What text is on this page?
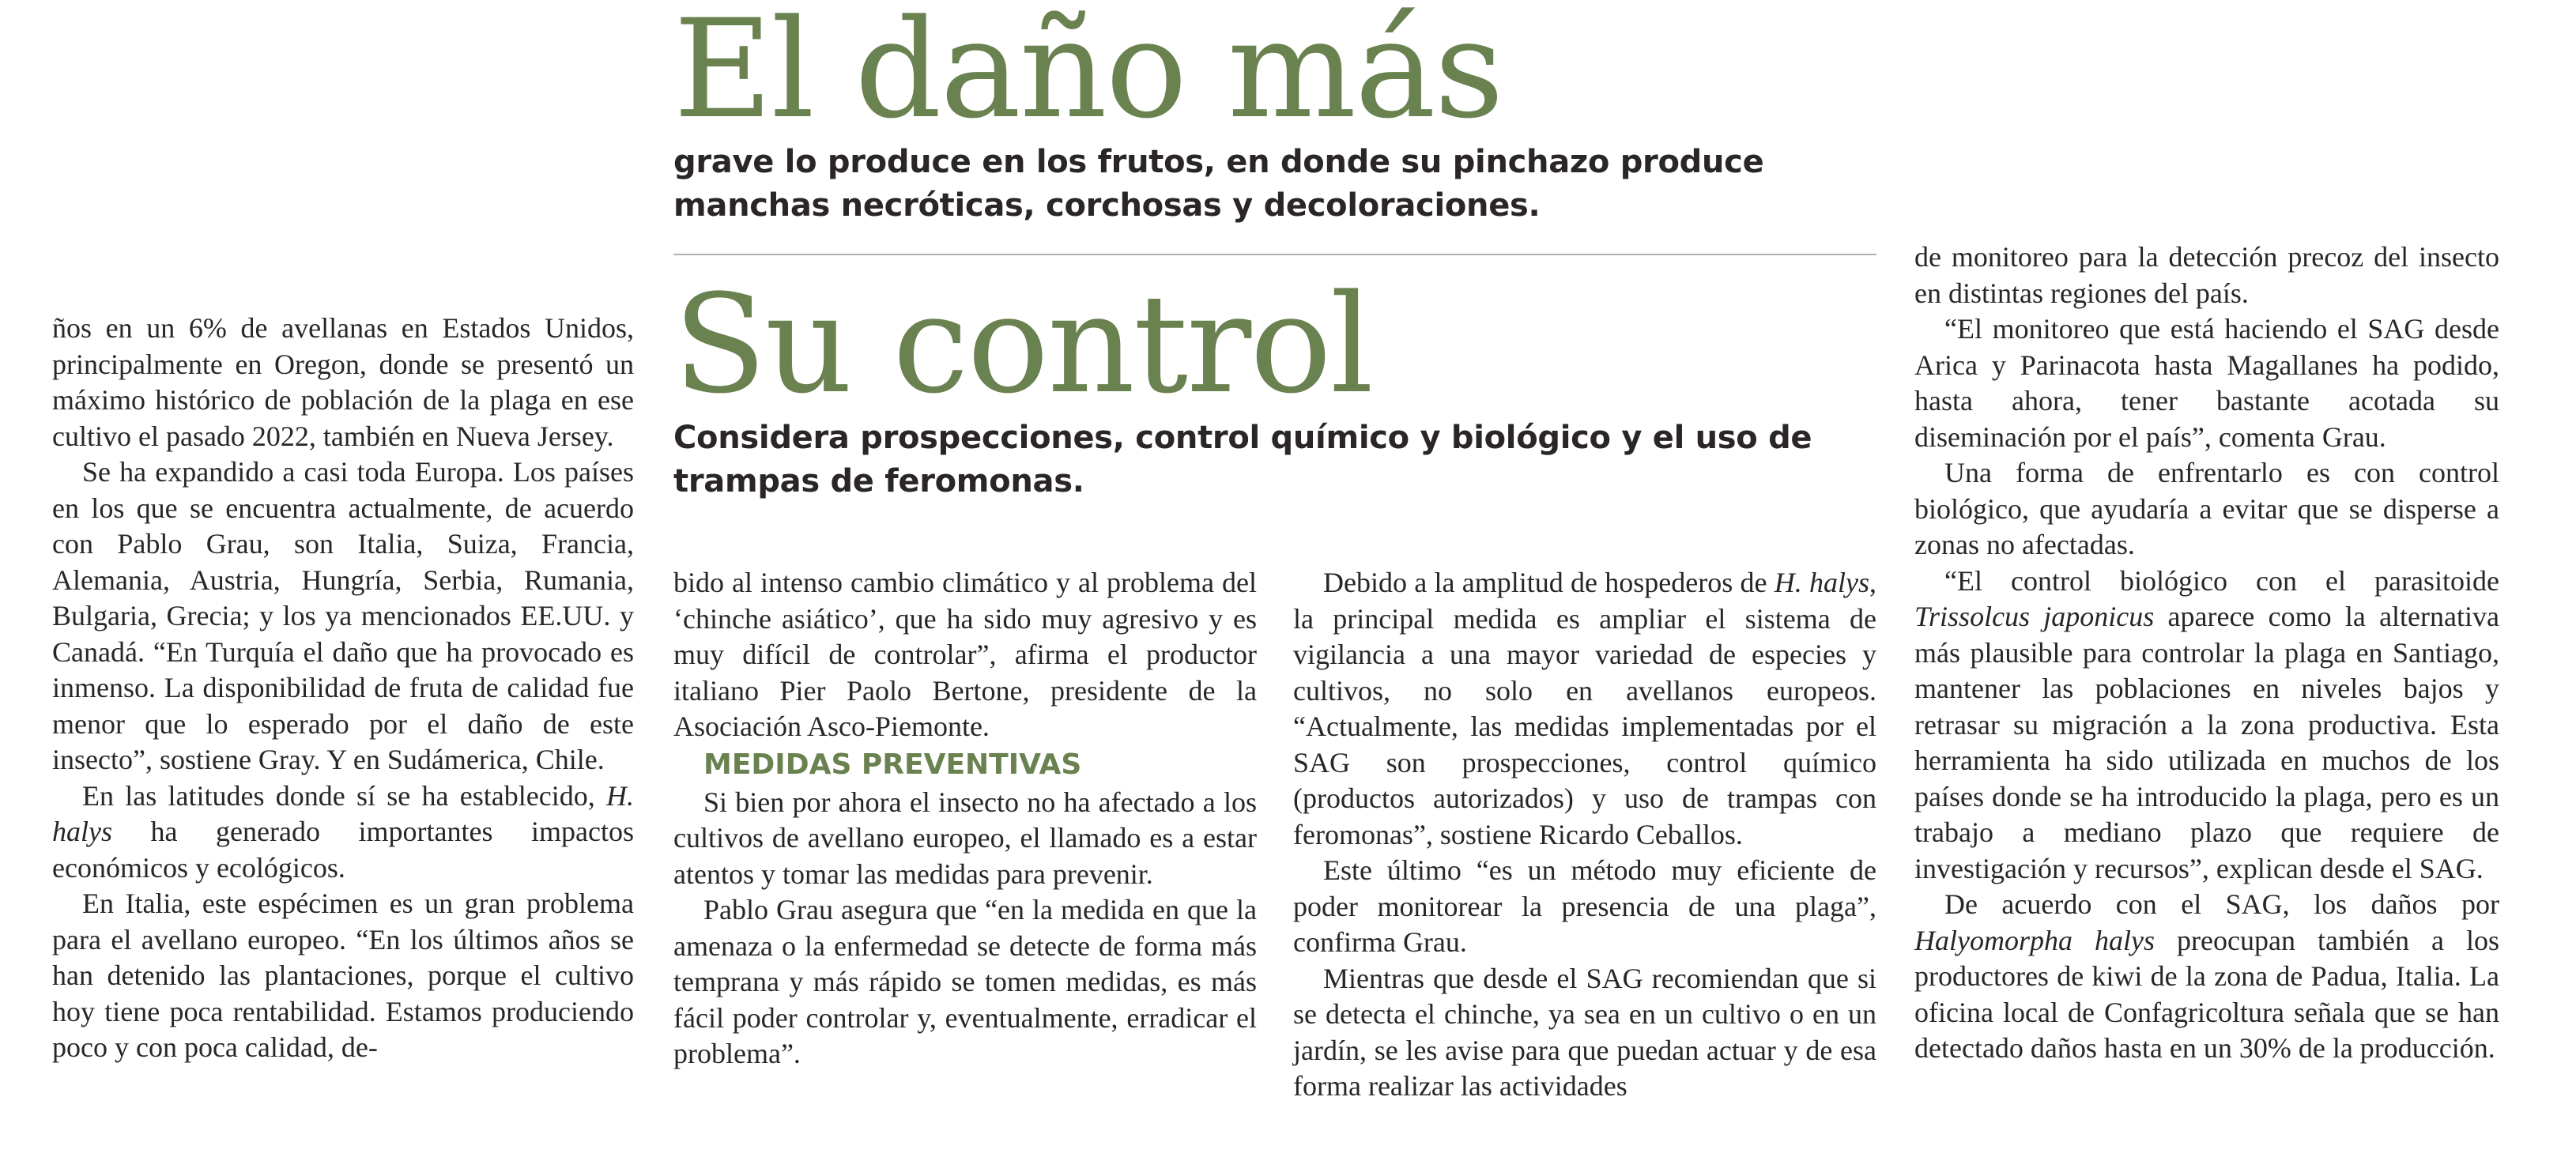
El daño más

grave lo produce en los frutos, en donde su pinchazo produce manchas necróticas, corchosas y decoloraciones.

Su control

Considera prospecciones, control químico y biológico y el uso de trampas de feromonas.

ños en un 6% de avellanas en Estados Unidos, principalmente en Oregon, donde se presentó un máximo histórico de población de la plaga en ese cultivo el pasado 2022, también en Nueva Jersey.

Se ha expandido a casi toda Europa. Los países en los que se encuentra actualmente, de acuerdo con Pablo Grau, son Italia, Suiza, Francia, Alemania, Austria, Hungría, Serbia, Rumania, Bulgaria, Grecia; y los ya mencionados EE.UU. y Canadá. “En Turquía el daño que ha provocado es inmenso. La disponibilidad de fruta de calidad fue menor que lo esperado por el daño de este insecto”, sostiene Gray. Y en Sudámerica, Chile.

En las latitudes donde sí se ha establecido, H. halys ha generado importantes impactos económicos y ecológicos.

En Italia, este espécimen es un gran problema para el avellano europeo. “En los últimos años se han detenido las plantaciones, porque el cultivo hoy tiene poca rentabilidad. Estamos produciendo poco y con poca calidad, de-

bido al intenso cambio climático y al problema del ‘chinche asiático’, que ha sido muy agresivo y es muy difícil de controlar”, afirma el productor italiano Pier Paolo Bertone, presidente de la Asociación Asco-Piemonte.

MEDIDAS PREVENTIVAS

Si bien por ahora el insecto no ha afectado a los cultivos de avellano europeo, el llamado es a estar atentos y tomar las medidas para prevenir.

Pablo Grau asegura que “en la medida en que la amenaza o la enfermedad se detecte de forma más temprana y más rápido se tomen medidas, es más fácil poder controlar y, eventualmente, erradicar el problema”.

Debido a la amplitud de hospederos de H. halys, la principal medida es ampliar el sistema de vigilancia a una mayor variedad de especies y cultivos, no solo en avellanos europeos. “Actualmente, las medidas implementadas por el SAG son prospecciones, control químico (productos autorizados) y uso de trampas con feromonas”, sostiene Ricardo Ceballos.

Este último “es un método muy eficiente de poder monitorear la presencia de una plaga”, confirma Grau.

Mientras que desde el SAG recomiendan que si se detecta el chinche, ya sea en un cultivo o en un jardín, se les avise para que puedan actuar y de esa forma realizar las actividades

de monitoreo para la detección precoz del insecto en distintas regiones del país.

“El monitoreo que está haciendo el SAG desde Arica y Parinacota hasta Magallanes ha podido, hasta ahora, tener bastante acotada su diseminación por el país”, comenta Grau.

Una forma de enfrentarlo es con control biológico, que ayudaría a evitar que se disperse a zonas no afectadas.

“El control biológico con el parasitoide Trissolcus japonicus aparece como la alternativa más plausible para controlar la plaga en Santiago, mantener las poblaciones en niveles bajos y retrasar su migración a la zona productiva. Esta herramienta ha sido utilizada en muchos de los países donde se ha introducido la plaga, pero es un trabajo a mediano plazo que requiere de investigación y recursos”, explican desde el SAG.

De acuerdo con el SAG, los daños por Halyomorpha halys preocupan también a los productores de kiwi de la zona de Padua, Italia. La oficina local de Confagricoltura señala que se han detectado daños hasta en un 30% de la producción.
